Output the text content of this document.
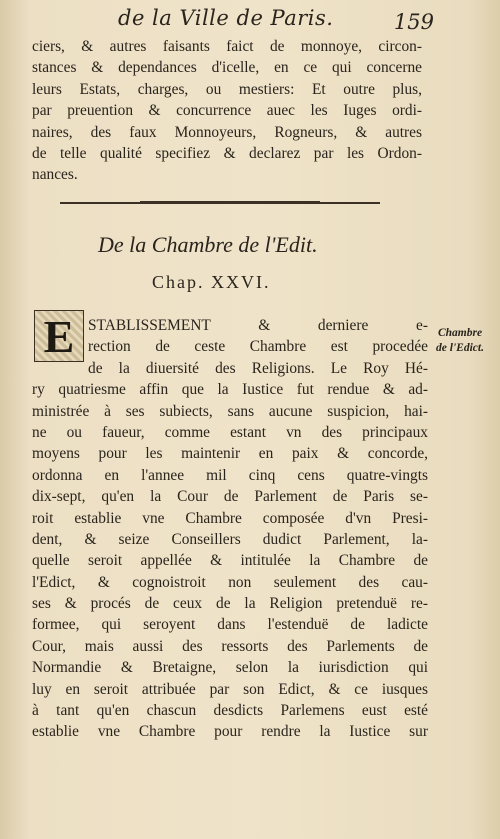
de la Ville de Paris.	159
ciers, & autres faisants faict de monnoye, circon-
stances & dependances d'icelle, en ce qui concerne
leurs Estats, charges, ou mestiers: Et outre plus,
par preuention & concurrence auec les Iuges ordi-
naires, des faux Monnoyeurs, Rogneurs, & autres
de telle qualité specifiez & declarez par les Ordon-
nances.
De la Chambre de l'Edit.
Chap. XXVI.
E STABLISSEMENT & derniere e-
rection de ceste Chambre est procedée
de la diuersité des Religions. Le Roy Hé-
ry quatriesme affin que la Iustice fut rendue & ad-
ministrée à ses subiects, sans aucune suspicion, hai-
ne ou faueur, comme estant vn des principaux
moyens pour les maintenir en paix & concorde,
ordonna en l'annee mil cinq cens quatre-vingts
dix-sept, qu'en la Cour de Parlement de Paris se-
roit establie vne Chambre composée d'vn Presi-
dent, & seize Conseillers dudict Parlement, la-
quelle seroit appellée & intitulée la Chambre de
l'Edict, & cognoistroit non seulement des cau-
ses & procés de ceux de la Religion pretenduë re-
formee, qui seroyent dans l'estenduë de ladicte
Cour, mais aussi des ressorts des Parlements de
Normandie & Bretaigne, selon la iurisdiction qui
luy en seroit attribuée par son Edict, & ce iusques
à tant qu'en chascun desdicts Parlemens eust esté
establie vne Chambre pour rendre la Iustice sur
Chambre
de l'Edict.
